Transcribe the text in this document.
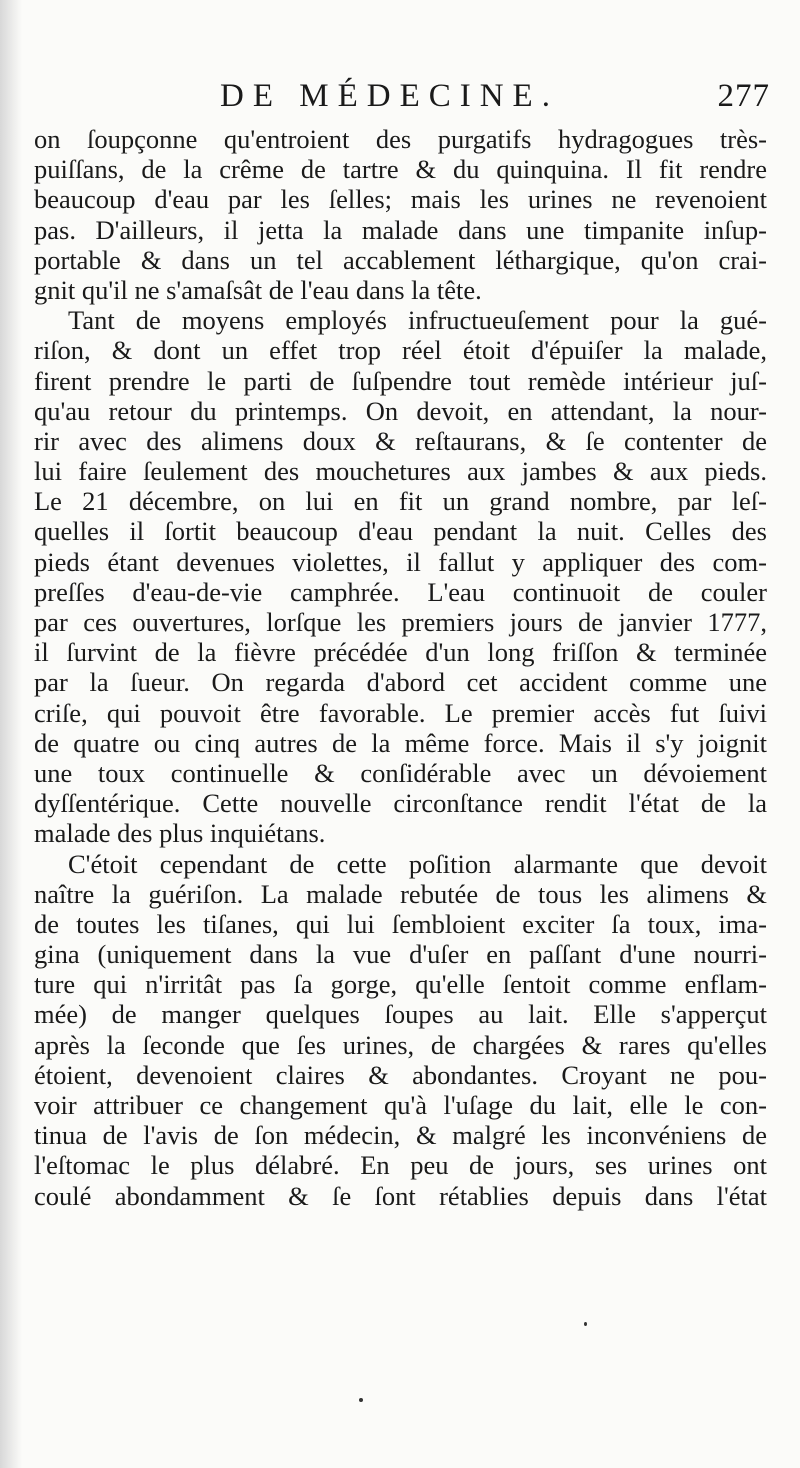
DE MÉDECINE.	277
on ſoupçonne qu'entroient des purgatifs hydragogues très-
puiſſans, de la crême de tartre & du quinquina. Il fit rendre
beaucoup d'eau par les ſelles; mais les urines ne revenoient
pas. D'ailleurs, il jetta la malade dans une timpanite inſup-
portable & dans un tel accablement léthargique, qu'on crai-
gnit qu'il ne s'amaſsât de l'eau dans la tête.
Tant de moyens employés infructueuſement pour la gué-
riſon, & dont un effet trop réel étoit d'épuiſer la malade,
firent prendre le parti de ſuſpendre tout remède intérieur juſ-
qu'au retour du printemps. On devoit, en attendant, la nour-
rir avec des alimens doux & reſtaurans, & ſe contenter de
lui faire ſeulement des mouchetures aux jambes & aux pieds.
Le 21 décembre, on lui en fit un grand nombre, par leſ-
quelles il ſortit beaucoup d'eau pendant la nuit. Celles des
pieds étant devenues violettes, il fallut y appliquer des com-
preſſes d'eau-de-vie camphrée. L'eau continuoit de couler
par ces ouvertures, lorſque les premiers jours de janvier 1777,
il ſurvint de la fièvre précédée d'un long friſſon & terminée
par la ſueur. On regarda d'abord cet accident comme une
criſe, qui pouvoit être favorable. Le premier accès fut ſuivi
de quatre ou cinq autres de la même force. Mais il s'y joignit
une toux continuelle & conſidérable avec un dévoiement
dyſſentérique. Cette nouvelle circonſtance rendit l'état de la
malade des plus inquiétans.
C'étoit cependant de cette poſition alarmante que devoit
naître la guériſon. La malade rebutée de tous les alimens &
de toutes les tiſanes, qui lui ſembloient exciter ſa toux, ima-
gina (uniquement dans la vue d'uſer en paſſant d'une nourri-
ture qui n'irritât pas ſa gorge, qu'elle ſentoit comme enflam-
mée) de manger quelques ſoupes au lait. Elle s'apperçut
après la ſeconde que ſes urines, de chargées & rares qu'elles
étoient, devenoient claires & abondantes. Croyant ne pou-
voir attribuer ce changement qu'à l'uſage du lait, elle le con-
tinua de l'avis de ſon médecin, & malgré les inconvéniens de
l'eſtomac le plus délabré. En peu de jours, ses urines ont
coulé abondamment & ſe ſont rétablies depuis dans l'état
